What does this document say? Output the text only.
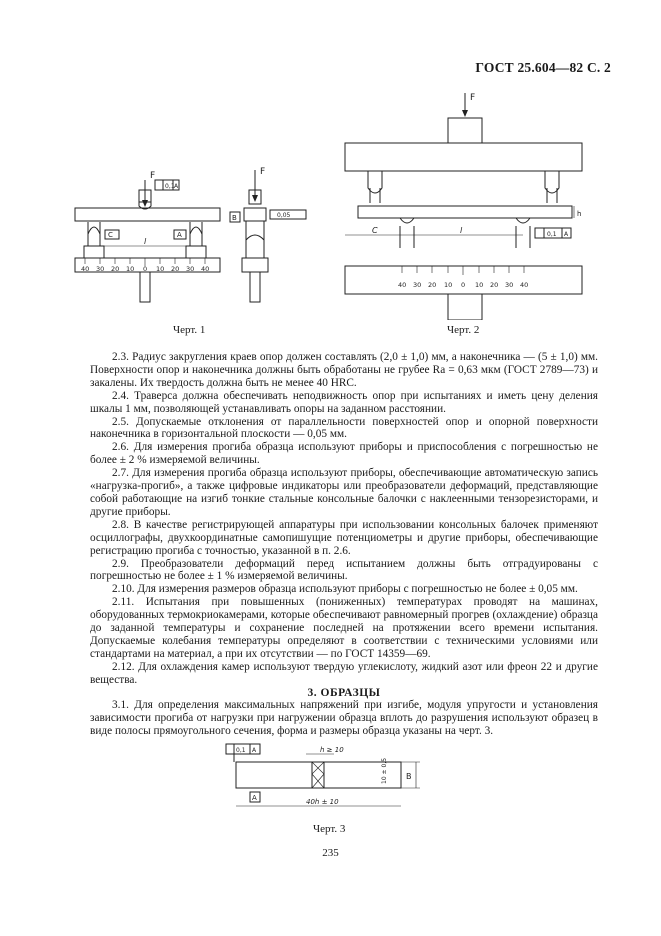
ГОСТ 25.604—82 С. 2
F
0,1 A
C	A
l
40 30 20 10 0 10 20 30 40
F
B	0,05
Черт. 1
F
h
C	l	0,1 A
40 30 20 10 0 10 20 30 40
Черт. 2

2.3. Радиус закругления краев опор должен составлять (2,0 ± 1,0) мм, а наконечника — (5 ± 1,0) мм. Поверхности опор и наконечника должны быть обработаны не грубее Ra = 0,63 мкм (ГОСТ 2789—73) и закалены. Их твердость должна быть не менее 40 HRC.

2.4. Траверса должна обеспечивать неподвижность опор при испытаниях и иметь цену деления шкалы 1 мм, позволяющей устанавливать опоры на заданном расстоянии.

2.5. Допускаемые отклонения от параллельности поверхностей опор и опорной поверхности наконечника в горизонтальной плоскости — 0,05 мм.

2.6. Для измерения прогиба образца используют приборы и приспособления с погрешностью не более ± 2 % измеряемой величины.

2.7. Для измерения прогиба образца используют приборы, обеспечивающие автоматическую запись «нагрузка-прогиб», а также цифровые индикаторы или преобразователи деформаций, представляющие собой работающие на изгиб тонкие стальные консольные балочки с наклеенными тензорезисторами, и другие приборы.

2.8. В качестве регистрирующей аппаратуры при использовании консольных балочек применяют осциллографы, двухкоординатные самопишущие потенциометры и другие приборы, обеспечивающие регистрацию прогиба с точностью, указанной в п. 2.6.

2.9. Преобразователи деформаций перед испытанием должны быть отградуированы с погрешностью не более ± 1 % измеряемой величины.

2.10. Для измерения размеров образца используют приборы с погрешностью не более ± 0,05 мм.

2.11. Испытания при повышенных (пониженных) температурах проводят на машинах, оборудованных термокриокамерами, которые обеспечивают равномерный прогрев (охлаждение) образца до заданной температуры и сохранение последней на протяжении всего времени испытания. Допускаемые колебания температуры определяют в соответствии с техническими условиями или стандартами на материал, а при их отсутствии — по ГОСТ 14359—69.

2.12. Для охлаждения камер используют твердую углекислоту, жидкий азот или фреон 22 и другие вещества.

3. ОБРАЗЦЫ

3.1. Для определения максимальных напряжений при изгибе, модуля упругости и установления зависимости прогиба от нагрузки при нагружении образца вплоть до разрушения используют образец в виде полосы прямоугольного сечения, форма и размеры образца указаны на черт. 3.

0,1 A	h ≥ 10
10 ± 0,5 B
A	40h ± 10
Черт. 3
235
